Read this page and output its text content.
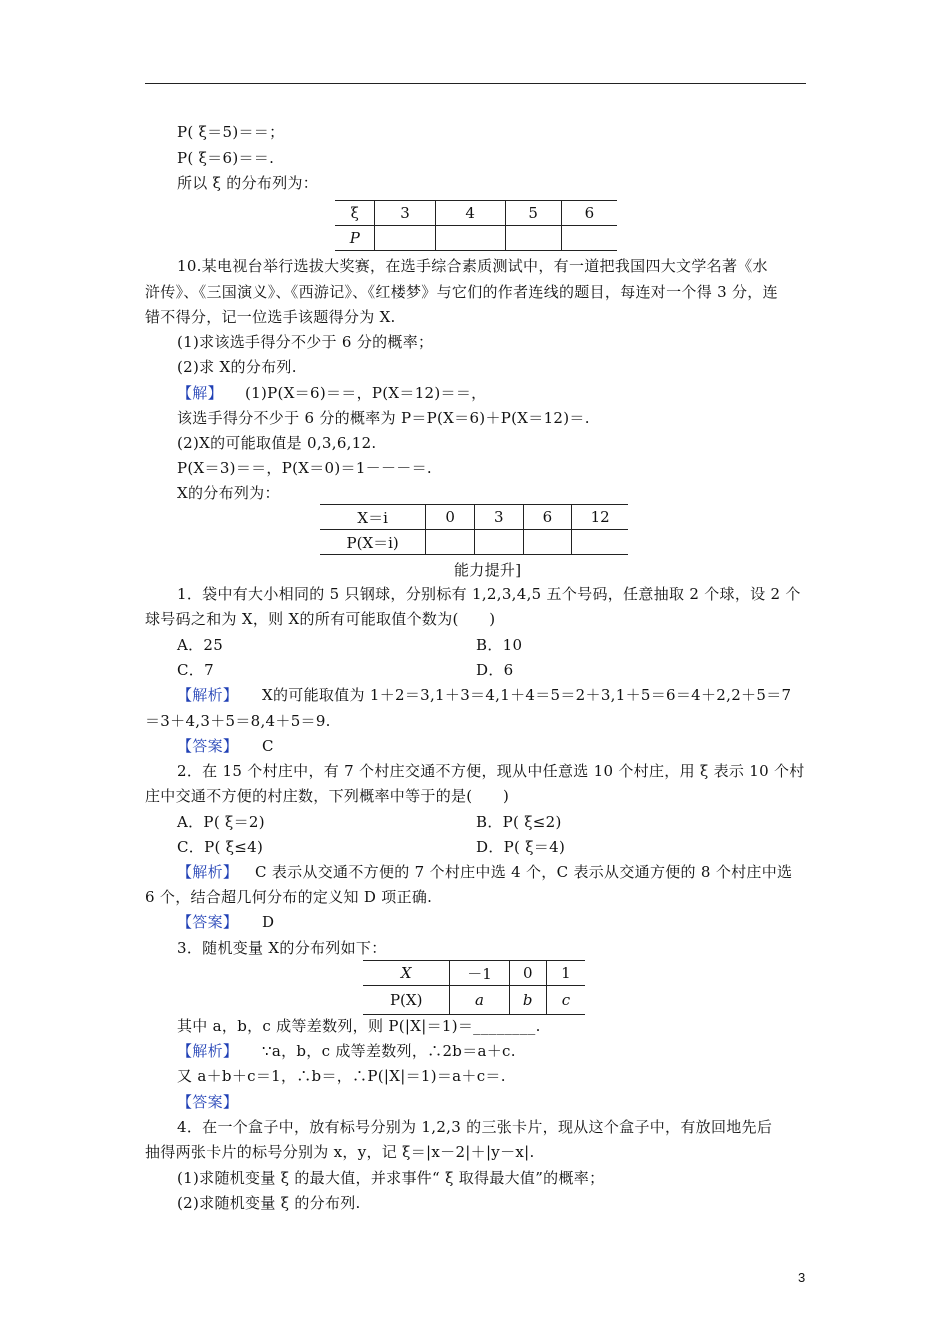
P( ξ＝5)＝＝；
P( ξ＝6)＝＝.
所以 ξ 的分布列为：
ξ	3	4	5	6
P				
10.某电视台举行选拔大奖赛，在选手综合素质测试中，有一道把我国四大文学名著《水
浒传》、《三国演义》、《西游记》、《红楼梦》与它们的作者连线的题目，每连对一个得 3 分，连
错不得分，记一位选手该题得分为 X.
(1)求该选手得分不少于 6 分的概率；
(2)求 X的分布列.
【解】 (1)P(X＝6)＝＝，P(X＝12)＝＝，
该选手得分不少于 6 分的概率为 P＝P(X＝6)＋P(X＝12)＝.
(2)X的可能取值是 0,3,6,12.
P(X＝3)＝＝，P(X＝0)＝1－－－＝.
X的分布列为：
X＝i	0	3	6	12
P(X＝i)				
能力提升]
1．袋中有大小相同的 5 只钢球，分别标有 1,2,3,4,5 五个号码，任意抽取 2 个球，设 2 个
球号码之和为 X，则 X的所有可能取值个数为(　　)
A．25	B．10
C．7	D．6
【解析】 X的可能取值为 1＋2＝3,1＋3＝4,1＋4＝5＝2＋3,1＋5＝6＝4＋2,2＋5＝7
＝3＋4,3＋5＝8,4＋5＝9.
【答案】 C
2．在 15 个村庄中，有 7 个村庄交通不方便，现从中任意选 10 个村庄，用 ξ 表示 10 个村
庄中交通不方便的村庄数，下列概率中等于的是(　　)
A．P( ξ＝2)	B．P( ξ≤2)
C．P( ξ≤4)	D．P( ξ＝4)
【解析】 C 表示从交通不方便的 7 个村庄中选 4 个，C 表示从交通方便的 8 个村庄中选
6 个，结合超几何分布的定义知 D 项正确.
【答案】 D
3．随机变量 X的分布列如下：
X	－1	0	1
P(X)	a	b	c
其中 a，b，c 成等差数列，则 P(|X|＝1)＝________.
【解析】 ∵a，b，c 成等差数列，∴2b＝a＋c.
又 a＋b＋c＝1，∴b＝，∴P(|X|＝1)＝a＋c＝.
【答案】
4．在一个盒子中，放有标号分别为 1,2,3 的三张卡片，现从这个盒子中，有放回地先后
抽得两张卡片的标号分别为 x，y，记 ξ＝|x－2|＋|y－x|.
(1)求随机变量 ξ 的最大值，并求事件“ ξ 取得最大值”的概率；
(2)求随机变量 ξ 的分布列.
3
